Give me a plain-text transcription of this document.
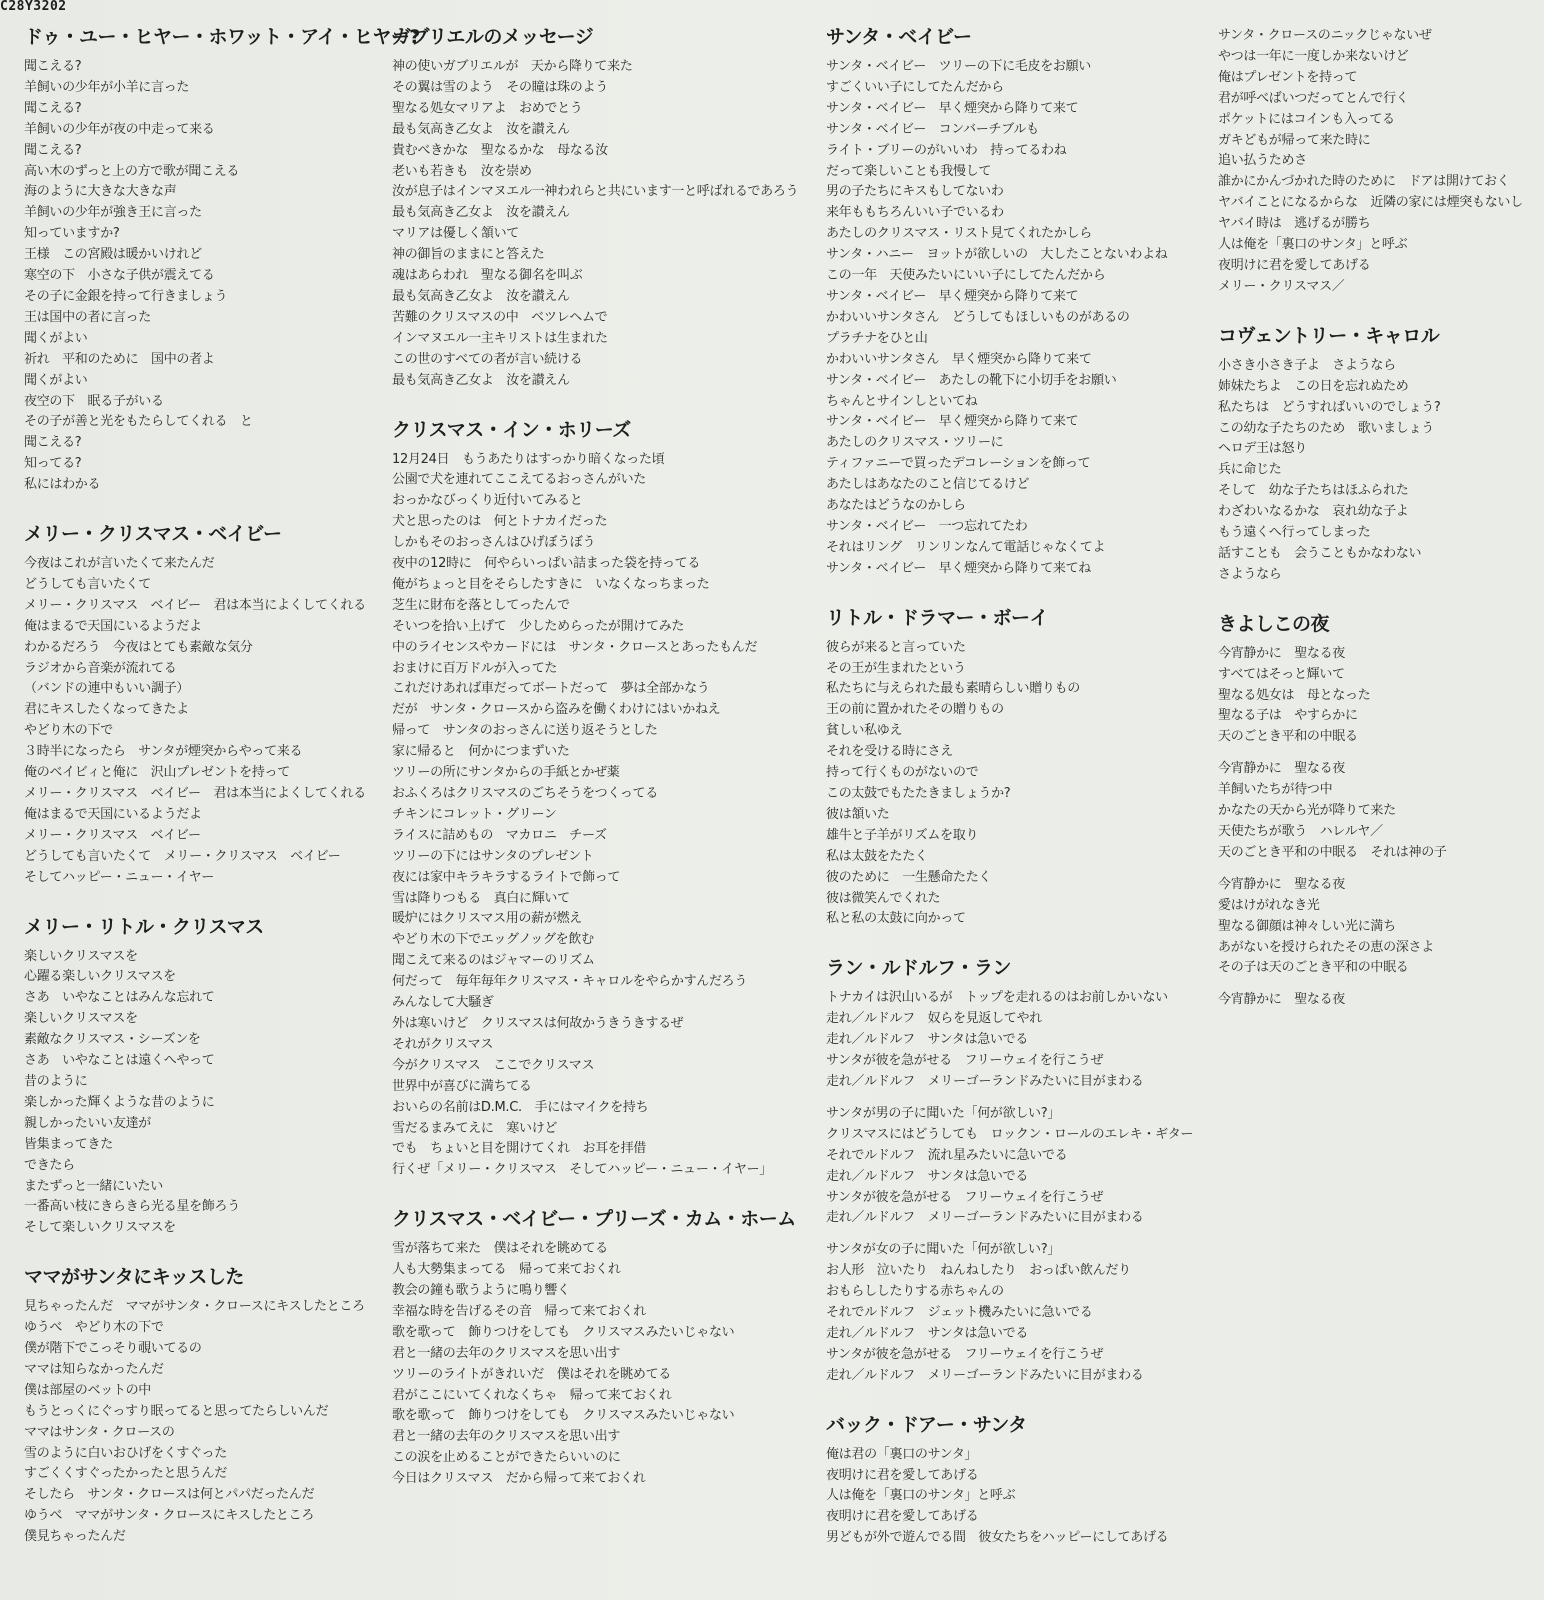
C28Y3202
ドゥ・ユー・ヒヤー・ホワット・アイ・ヒヤー?
聞こえる?
羊飼いの少年が小羊に言った
聞こえる?
羊飼いの少年が夜の中走って来る
聞こえる?
高い木のずっと上の方で歌が聞こえる
海のように大きな大きな声
羊飼いの少年が強き王に言った
知っていますか?
王様　この宮殿は暖かいけれど
寒空の下　小さな子供が震えてる
その子に金銀を持って行きましょう
王は国中の者に言った
聞くがよい
祈れ　平和のために　国中の者よ
聞くがよい
夜空の下　眠る子がいる
その子が善と光をもたらしてくれる　と
聞こえる?
知ってる?
私にはわかる
メリー・クリスマス・ベイビー
今夜はこれが言いたくて来たんだ
どうしても言いたくて
メリー・クリスマス　ベイビー　君は本当によくしてくれる
俺はまるで天国にいるようだよ
わかるだろう　今夜はとても素敵な気分
ラジオから音楽が流れてる
（バンドの連中もいい調子）
君にキスしたくなってきたよ
やどり木の下で
３時半になったら　サンタが煙突からやって来る
俺のベイビィと俺に　沢山プレゼントを持って
メリー・クリスマス　ベイビー　君は本当によくしてくれる
俺はまるで天国にいるようだよ
メリー・クリスマス　ベイビー
どうしても言いたくて　メリー・クリスマス　ベイビー
そしてハッピー・ニュー・イヤー
メリー・リトル・クリスマス
楽しいクリスマスを
心躍る楽しいクリスマスを
さあ　いやなことはみんな忘れて
楽しいクリスマスを
素敵なクリスマス・シーズンを
さあ　いやなことは遠くへやって
昔のように
楽しかった輝くような昔のように
親しかったいい友達が
皆集まってきた
できたら
またずっと一緒にいたい
一番高い枝にきらきら光る星を飾ろう
そして楽しいクリスマスを
ママがサンタにキッスした
見ちゃったんだ　ママがサンタ・クロースにキスしたところ
ゆうべ　やどり木の下で
僕が階下でこっそり覗いてるの
ママは知らなかったんだ
僕は部屋のベットの中
もうとっくにぐっすり眠ってると思ってたらしいんだ
ママはサンタ・クロースの
雪のように白いおひげをくすぐった
すごくくすぐったかったと思うんだ
そしたら　サンタ・クロースは何とパパだったんだ
ゆうべ　ママがサンタ・クロースにキスしたところ
僕見ちゃったんだ
ガブリエルのメッセージ
神の使いガブリエルが　天から降りて来た
その翼は雪のよう　その瞳は珠のよう
聖なる処女マリアよ　おめでとう
最も気高き乙女よ　汝を讃えん
貴むべきかな　聖なるかな　母なる汝
老いも若きも　汝を崇め
汝が息子はインマヌエル一神われらと共にいます一と呼ばれるであろう
最も気高き乙女よ　汝を讃えん
マリアは優しく頷いて
神の御旨のままにと答えた
魂はあらわれ　聖なる御名を叫ぶ
最も気高き乙女よ　汝を讃えん
苦難のクリスマスの中　ベツレヘムで
インマヌエル一主キリストは生まれた
この世のすべての者が言い続ける
最も気高き乙女よ　汝を讃えん
クリスマス・イン・ホリーズ
12月24日　もうあたりはすっかり暗くなった頃
公園で犬を連れてここえてるおっさんがいた
おっかなびっくり近付いてみると
犬と思ったのは　何とトナカイだった
しかもそのおっさんはひげぼうぼう
夜中の12時に　何やらいっぱい詰まった袋を持ってる
俺がちょっと目をそらしたすきに　いなくなっちまった
芝生に財布を落としてったんで
そいつを拾い上げて　少しためらったが開けてみた
中のライセンスやカードには　サンタ・クロースとあったもんだ
おまけに百万ドルが入ってた
これだけあれば車だってボートだって　夢は全部かなう
だが　サンタ・クロースから盗みを働くわけにはいかねえ
帰って　サンタのおっさんに送り返そうとした
家に帰ると　何かにつまずいた
ツリーの所にサンタからの手紙とかぜ薬
おふくろはクリスマスのごちそうをつくってる
チキンにコレット・グリーン
ライスに詰めもの　マカロニ　チーズ
ツリーの下にはサンタのプレゼント
夜には家中キラキラするライトで飾って
雪は降りつもる　真白に輝いて
暖炉にはクリスマス用の薪が燃え
やどり木の下でエッグノッグを飲む
聞こえて来るのはジャマーのリズム
何だって　毎年毎年クリスマス・キャロルをやらかすんだろう
みんなして大騒ぎ
外は寒いけど　クリスマスは何故かうきうきするぜ
それがクリスマス
今がクリスマス　ここでクリスマス
世界中が喜びに満ちてる
おいらの名前はD.M.C.　手にはマイクを持ち
雪だるまみてえに　寒いけど
でも　ちょいと目を開けてくれ　お耳を拝借
行くぜ「メリー・クリスマス　そしてハッピー・ニュー・イヤー」
クリスマス・ベイビー・プリーズ・カム・ホーム
雪が落ちて来た　僕はそれを眺めてる
人も大勢集まってる　帰って来ておくれ
教会の鐘も歌うように鳴り響く
幸福な時を告げるその音　帰って来ておくれ
歌を歌って　飾りつけをしても　クリスマスみたいじゃない
君と一緒の去年のクリスマスを思い出す
ツリーのライトがきれいだ　僕はそれを眺めてる
君がここにいてくれなくちゃ　帰って来ておくれ
歌を歌って　飾りつけをしても　クリスマスみたいじゃない
君と一緒の去年のクリスマスを思い出す
この涙を止めることができたらいいのに
今日はクリスマス　だから帰って来ておくれ
サンタ・ベイビー
サンタ・ベイビー　ツリーの下に毛皮をお願い
すごくいい子にしてたんだから
サンタ・ベイビー　早く煙突から降りて来て
サンタ・ベイビー　コンバーチブルも
ライト・ブリーのがいいわ　持ってるわね
だって楽しいことも我慢して
男の子たちにキスもしてないわ
来年ももちろんいい子でいるわ
あたしのクリスマス・リスト見てくれたかしら
サンタ・ハニー　ヨットが欲しいの　大したことないわよね
この一年　天使みたいにいい子にしてたんだから
サンタ・ベイビー　早く煙突から降りて来て
かわいいサンタさん　どうしてもほしいものがあるの
プラチナをひと山
かわいいサンタさん　早く煙突から降りて来て
サンタ・ベイビー　あたしの靴下に小切手をお願い
ちゃんとサインしといてね
サンタ・ベイビー　早く煙突から降りて来て
あたしのクリスマス・ツリーに
ティファニーで買ったデコレーションを飾って
あたしはあなたのこと信じてるけど
あなたはどうなのかしら
サンタ・ベイビー　一つ忘れてたわ
それはリング　リンリンなんて電話じゃなくてよ
サンタ・ベイビー　早く煙突から降りて来てね
リトル・ドラマー・ボーイ
彼らが来ると言っていた
その王が生まれたという
私たちに与えられた最も素晴らしい贈りもの
王の前に置かれたその贈りもの
貧しい私ゆえ
それを受ける時にさえ
持って行くものがないので
この太鼓でもたたきましょうか?
彼は頷いた
雄牛と子羊がリズムを取り
私は太鼓をたたく
彼のために　一生懸命たたく
彼は微笑んでくれた
私と私の太鼓に向かって
ラン・ルドルフ・ラン
トナカイは沢山いるが　トップを走れるのはお前しかいない
走れ／ルドルフ　奴らを見返してやれ
走れ／ルドルフ　サンタは急いでる
サンタが彼を急がせる　フリーウェイを行こうぜ
走れ／ルドルフ　メリーゴーランドみたいに目がまわる
サンタが男の子に聞いた「何が欲しい?」
クリスマスにはどうしても　ロックン・ロールのエレキ・ギター
それでルドルフ　流れ星みたいに急いでる
走れ／ルドルフ　サンタは急いでる
サンタが彼を急がせる　フリーウェイを行こうぜ
走れ／ルドルフ　メリーゴーランドみたいに目がまわる
サンタが女の子に聞いた「何が欲しい?」
お人形　泣いたり　ねんねしたり　おっぱい飲んだり
おもらししたりする赤ちゃんの
それでルドルフ　ジェット機みたいに急いでる
走れ／ルドルフ　サンタは急いでる
サンタが彼を急がせる　フリーウェイを行こうぜ
走れ／ルドルフ　メリーゴーランドみたいに目がまわる
バック・ドアー・サンタ
俺は君の「裏口のサンタ」
夜明けに君を愛してあげる
人は俺を「裏口のサンタ」と呼ぶ
夜明けに君を愛してあげる
男どもが外で遊んでる間　彼女たちをハッピーにしてあげる
サンタ・クロースのニックじゃないぜ
やつは一年に一度しか来ないけど
俺はプレゼントを持って
君が呼べばいつだってとんで行く
ポケットにはコインも入ってる
ガキどもが帰って来た時に
追い払うためさ
誰かにかんづかれた時のために　ドアは開けておく
ヤバイことになるからな　近隣の家には煙突もないし
ヤバイ時は　逃げるが勝ち
人は俺を「裏口のサンタ」と呼ぶ
夜明けに君を愛してあげる
メリー・クリスマス／
コヴェントリー・キャロル
小さき小さき子よ　さようなら
姉妹たちよ　この日を忘れぬため
私たちは　どうすればいいのでしょう?
この幼な子たちのため　歌いましょう
ヘロデ王は怒り
兵に命じた
そして　幼な子たちはほふられた
わざわいなるかな　哀れ幼な子よ
もう遠くへ行ってしまった
話すことも　会うこともかなわない
さようなら
きよしこの夜
今宵静かに　聖なる夜
すべてはそっと輝いて
聖なる処女は　母となった
聖なる子は　やすらかに
天のごとき平和の中眠る
今宵静かに　聖なる夜
羊飼いたちが待つ中
かなたの天から光が降りて来た
天使たちが歌う　ハレルヤ／
天のごとき平和の中眠る　それは神の子
今宵静かに　聖なる夜
愛はけがれなき光
聖なる御顔は神々しい光に満ち
あがないを授けられたその恵の深さよ
その子は天のごとき平和の中眠る
今宵静かに　聖なる夜
